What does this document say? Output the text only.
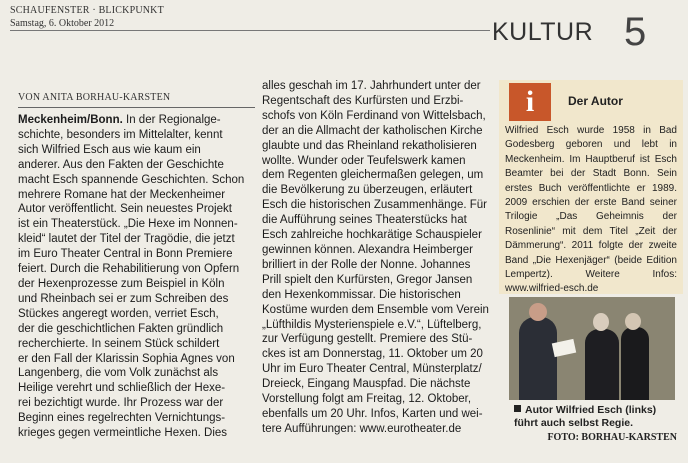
SCHAUFENSTER · BLICKPUNKT
Samstag, 6. Oktober 2012	KULTUR 5
VON ANITA BORHAU-KARSTEN
Meckenheim/Bonn. In der Regionalge-
schichte, besonders im Mittelalter, kennt
sich Wilfried Esch aus wie kaum ein
anderer. Aus den Fakten der Geschichte
macht Esch spannende Geschichten. Schon
mehrere Romane hat der Meckenheimer
Autor veröffentlicht. Sein neuestes Projekt
ist ein Theaterstück. „Die Hexe im Nonnen-
kleid“ lautet der Titel der Tragödie, die jetzt
im Euro Theater Central in Bonn Premiere
feiert. Durch die Rehabilitierung von Opfern
der Hexenprozesse zum Beispiel in Köln
und Rheinbach sei er zum Schreiben des
Stückes angeregt worden, verriet Esch,
der die geschichtlichen Fakten gründlich
recherchierte. In seinem Stück schildert
er den Fall der Klarissin Sophia Agnes von
Langenberg, die vom Volk zunächst als
Heilige verehrt und schließlich der Hexe-
rei bezichtigt wurde. Ihr Prozess war der
Beginn eines regelrechten Vernichtungs-
krieges gegen vermeintliche Hexen. Dies
alles geschah im 17. Jahrhundert unter der
Regentschaft des Kurfürsten und Erzbi-
schofs von Köln Ferdinand von Wittelsbach,
der an die Allmacht der katholischen Kirche
glaubte und das Rheinland rekatholisieren
wollte. Wunder oder Teufelswerk kamen
dem Regenten gleichermaßen gelegen, um
die Bevölkerung zu überzeugen, erläutert
Esch die historischen Zusammenhänge. Für
die Aufführung seines Theaterstücks hat
Esch zahlreiche hochkarätige Schauspieler
gewinnen können. Alexandra Heimberger
brilliert in der Rolle der Nonne. Johannes
Prill spielt den Kurfürsten, Gregor Jansen
den Hexenkommissar. Die historischen
Kostüme wurden dem Ensemble vom Verein
„Lüfthildis Mysterienspiele e.V.“, Lüftelberg,
zur Verfügung gestellt. Premiere des Stü-
ckes ist am Donnerstag, 11. Oktober um 20
Uhr im Euro Theater Central, Münsterplatz/
Dreieck, Eingang Mauspfad. Die nächste
Vorstellung folgt am Freitag, 12. Oktober,
ebenfalls um 20 Uhr. Infos, Karten und wei-
tere Aufführungen: www.eurotheater.de
i	Der Autor
Wilfried Esch wurde 1958 in Bad Godesberg geboren und lebt in Meckenheim. Im Hauptberuf ist Esch Beamter bei der Stadt Bonn. Sein erstes Buch veröffentlichte er 1989. 2009 erschien der erste Band seiner Trilogie „Das Geheimnis der Rosenlinie“ mit dem Titel „Zeit der Dämmerung“. 2011 folgte der zweite Band „Die Hexenjäger“ (beide Edition Lempertz). Weitere Infos: www.wilfried-esch.de
Autor Wilfried Esch (links) führt auch selbst Regie.
FOTO: BORHAU-KARSTEN
